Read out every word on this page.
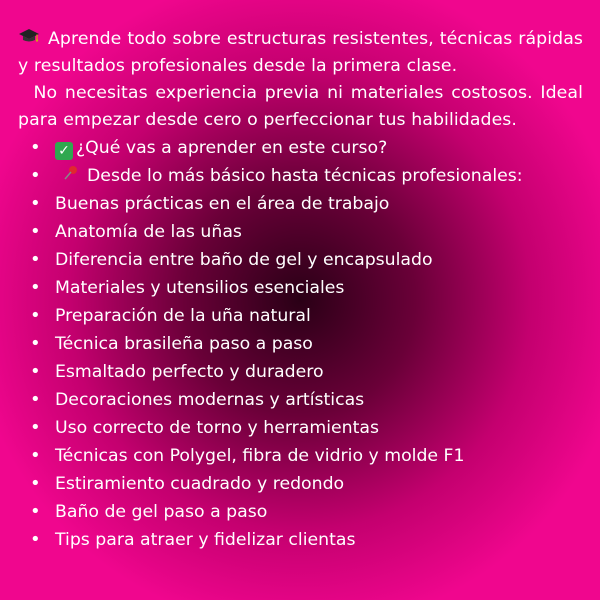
Aprende todo sobre estructuras resistentes, técnicas rápidas y resultados profesionales desde la primera clase.
No necesitas experiencia previa ni materiales costosos. Ideal para empezar desde cero o perfeccionar tus habilidades.

• ✓ ¿Qué vas a aprender en este curso?
• Desde lo más básico hasta técnicas profesionales:
• Buenas prácticas en el área de trabajo
• Anatomía de las uñas
• Diferencia entre baño de gel y encapsulado
• Materiales y utensilios esenciales
• Preparación de la uña natural
• Técnica brasileña paso a paso
• Esmaltado perfecto y duradero
• Decoraciones modernas y artísticas
• Uso correcto de torno y herramientas
• Técnicas con Polygel, fibra de vidrio y molde F1
• Estiramiento cuadrado y redondo
• Baño de gel paso a paso
• Tips para atraer y fidelizar clientas
